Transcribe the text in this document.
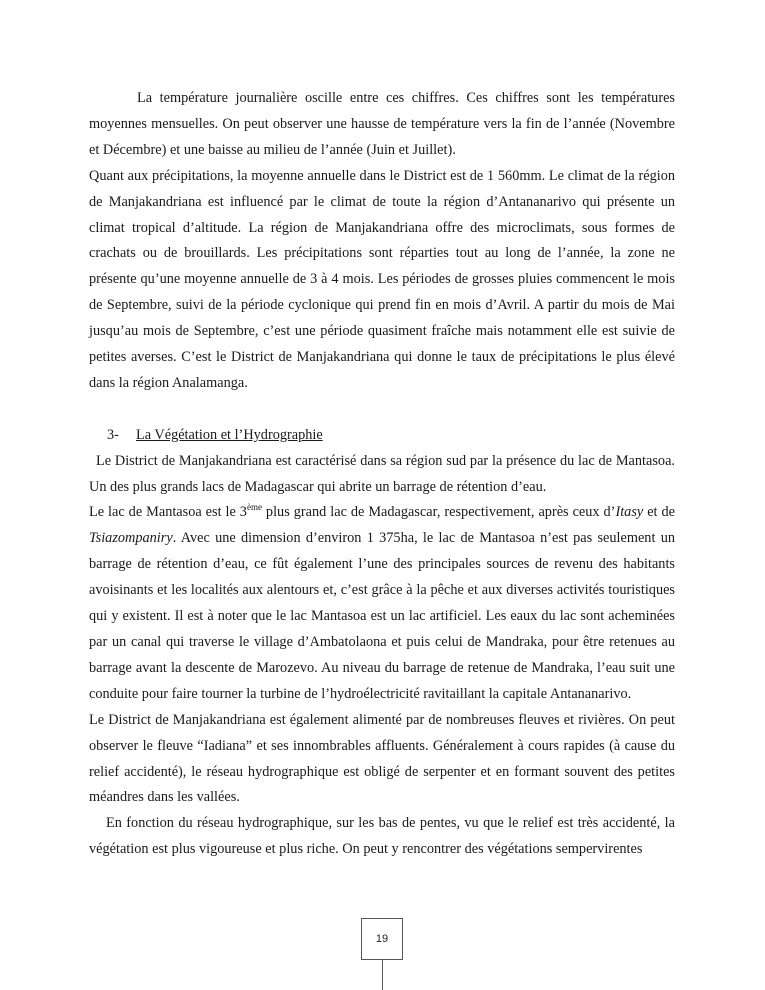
La température journalière oscille entre ces chiffres. Ces chiffres sont les températures moyennes mensuelles. On peut observer une hausse de température vers la fin de l’année (Novembre et Décembre) et une baisse au milieu de l’année (Juin et Juillet).

Quant aux précipitations, la moyenne annuelle dans le District est de 1 560mm. Le climat de la région de Manjakandriana est influencé par le climat de toute la région d’Antananarivo qui présente un climat tropical d’altitude. La région de Manjakandriana offre des microclimats, sous formes de crachats ou de brouillards. Les précipitations sont réparties tout au long de l’année, la zone ne présente qu’une moyenne annuelle de 3 à 4 mois. Les périodes de grosses pluies commencent le mois de Septembre, suivi de la période cyclonique qui prend fin en mois d’Avril. A partir du mois de Mai jusqu’au mois de Septembre, c’est une période quasiment fraîche mais notamment elle est suivie de petites averses. C’est le District de Manjakandriana qui donne le taux de précipitations le plus élevé dans la région Analamanga.

3- La Végétation et l’Hydrographie

Le District de Manjakandriana est caractérisé dans sa région sud par la présence du lac de Mantasoa. Un des plus grands lacs de Madagascar qui abrite un barrage de rétention d’eau.

Le lac de Mantasoa est le 3ème plus grand lac de Madagascar, respectivement, après ceux d’Itasy et de Tsiazompaniry. Avec une dimension d’environ 1 375ha, le lac de Mantasoa n’est pas seulement un barrage de rétention d’eau, ce fût également l’une des principales sources de revenu des habitants avoisinants et les localités aux alentours et, c’est grâce à la pêche et aux diverses activités touristiques qui y existent. Il est à noter que le lac Mantasoa est un lac artificiel. Les eaux du lac sont acheminées par un canal qui traverse le village d’Ambatolaona et puis celui de Mandraka, pour être retenues au barrage avant la descente de Marozevo. Au niveau du barrage de retenue de Mandraka, l’eau suit une conduite pour faire tourner la turbine de l’hydroélectricité ravitaillant la capitale Antananarivo.

Le District de Manjakandriana est également alimenté par de nombreuses fleuves et rivières. On peut observer le fleuve “Iadiana” et ses innombrables affluents. Généralement à cours rapides (à cause du relief accidenté), le réseau hydrographique est obligé de serpenter et en formant souvent des petites méandres dans les vallées.

En fonction du réseau hydrographique, sur les bas de pentes, vu que le relief est très accidenté, la végétation est plus vigoureuse et plus riche. On peut y rencontrer des végétations sempervirentes

19
